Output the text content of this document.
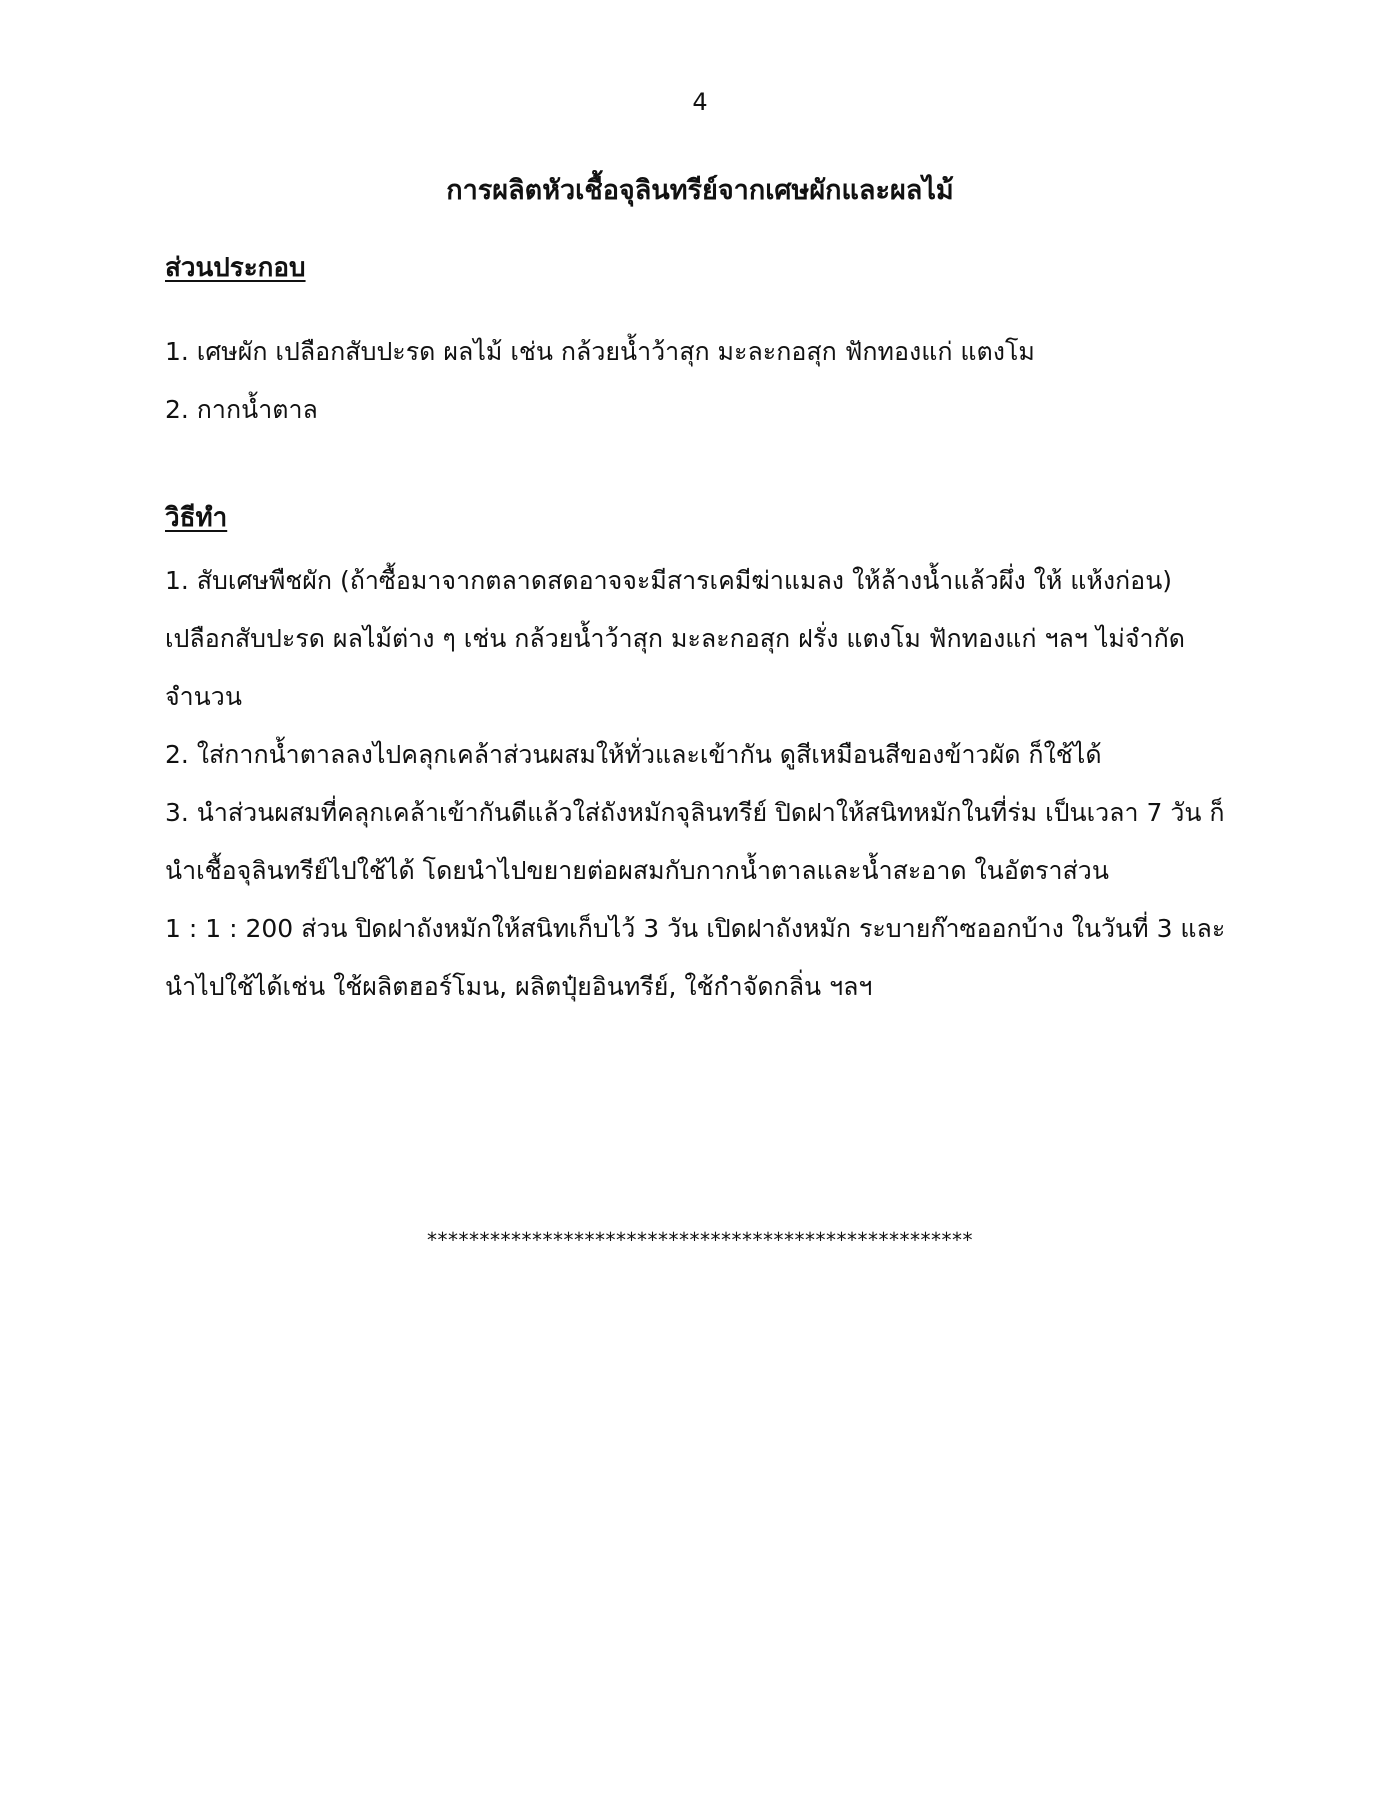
4
การผลิตหัวเชื้อจุลินทรีย์จากเศษผักและผลไม้
ส่วนประกอบ
1. เศษผัก เปลือกสับปะรด ผลไม้ เช่น กล้วยน้ำว้าสุก มะละกอสุก ฟักทองแก่ แตงโม
2. กากน้ำตาล
วิธีทำ
1. สับเศษพืชผัก (ถ้าซื้อมาจากตลาดสดอาจจะมีสารเคมีฆ่าแมลง ให้ล้างน้ำแล้วผึ่ง ให้ แห้งก่อน)
เปลือกสับปะรด ผลไม้ต่าง ๆ เช่น กล้วยน้ำว้าสุก มะละกอสุก ฝรั่ง แตงโม ฟักทองแก่ ฯลฯ ไม่จำกัด
จำนวน
2. ใส่กากน้ำตาลลงไปคลุกเคล้าส่วนผสมให้ทั่วและเข้ากัน ดูสีเหมือนสีของข้าวผัด ก็ใช้ได้
3. นำส่วนผสมที่คลุกเคล้าเข้ากันดีแล้วใส่ถังหมักจุลินทรีย์ ปิดฝาให้สนิทหมักในที่ร่ม เป็นเวลา 7 วัน ก็
นำเชื้อจุลินทรีย์ไปใช้ได้ โดยนำไปขยายต่อผสมกับกากน้ำตาลและน้ำสะอาด ในอัตราส่วน
1 : 1 : 200 ส่วน ปิดฝาถังหมักให้สนิทเก็บไว้ 3 วัน เปิดฝาถังหมัก ระบายก๊าซออกบ้าง ในวันที่ 3 และ
นำไปใช้ได้เช่น ใช้ผลิตฮอร์โมน, ผลิตปุ๋ยอินทรีย์, ใช้กำจัดกลิ่น ฯลฯ
****************************************************
